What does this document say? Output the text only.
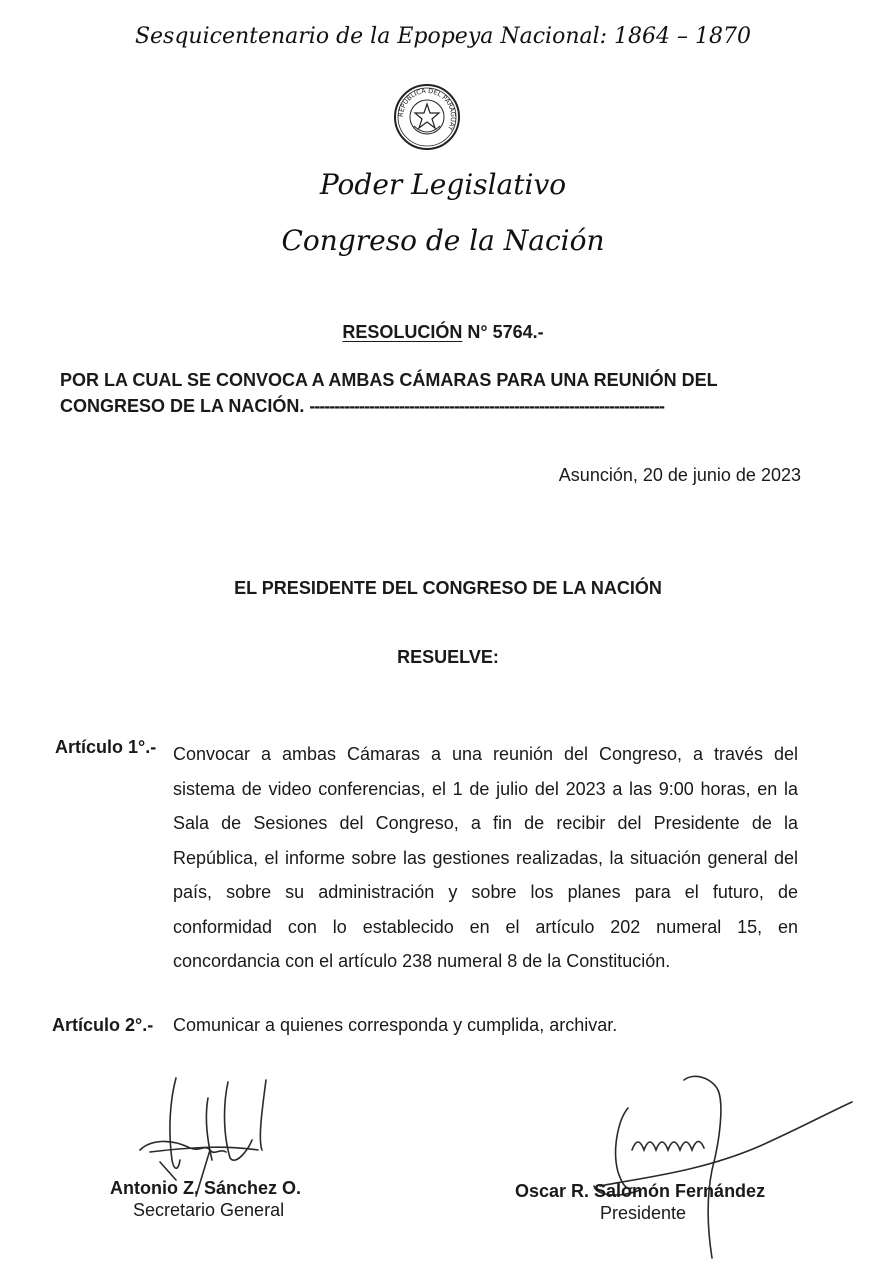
Sesquicentenario de la Epopeya Nacional: 1864 – 1870
REPÚBLICA DEL PARAGUAY
Poder Legislativo
Congreso de la Nación
RESOLUCIÓN N° 5764.-
POR LA CUAL SE CONVOCA A AMBAS CÁMARAS PARA UNA REUNIÓN DEL CONGRESO DE LA NACIÓN. -----------------------------------------------------------------------
Asunción, 20 de junio de 2023
EL PRESIDENTE DEL CONGRESO DE LA NACIÓN
RESUELVE:
Artículo 1°.- Convocar a ambas Cámaras a una reunión del Congreso, a través del sistema de video conferencias, el 1 de julio del 2023 a las 9:00 horas, en la Sala de Sesiones del Congreso, a fin de recibir del Presidente de la República, el informe sobre las gestiones realizadas, la situación general del país, sobre su administración y sobre los planes para el futuro, de conformidad con lo establecido en el artículo 202 numeral 15, en concordancia con el artículo 238 numeral 8 de la Constitución.
Artículo 2°.- Comunicar a quienes corresponda y cumplida, archivar.
Antonio Z. Sánchez O.
Secretario General
Oscar R. Salomón Fernández
Presidente
